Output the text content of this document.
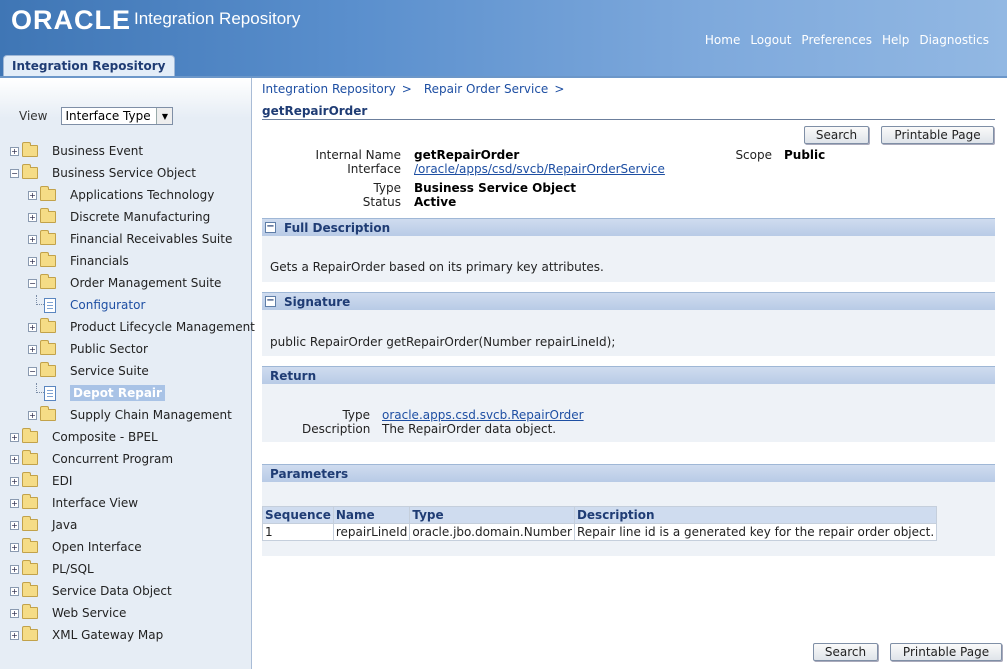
ORACLE Integration Repository
Home Logout Preferences Help Diagnostics
Integration Repository
View Interface Type	▼
+	Business Event
−	Business Service Object
+	Applications Technology
+	Discrete Manufacturing
+	Financial Receivables Suite
+	Financials
−	Order Management Suite
Configurator
+	Product Lifecycle Management
+	Public Sector
−	Service Suite
Depot Repair
+	Supply Chain Management
+	Composite - BPEL
+	Concurrent Program
+	EDI
+	Interface View
+	Java
+	Open Interface
+	PL/SQL
+	Service Data Object
+	Web Service
+	XML Gateway Map
Integration Repository > Repair Order Service >
getRepairOrder
Search	Printable Page
Internal Name getRepairOrder
Interface /oracle/apps/csd/svcb/RepairOrderService
Type Business Service Object
Status Active
Scope Public
− Full Description
Gets a RepairOrder based on its primary key attributes.
− Signature
public RepairOrder getRepairOrder(Number repairLineId);
Return
Type oracle.apps.csd.svcb.RepairOrder
Description The RepairOrder data object.
Parameters
Sequence	Name	Type	Description
1	repairLineId	oracle.jbo.domain.Number	Repair line id is a generated key for the repair order object.
Search	Printable Page
